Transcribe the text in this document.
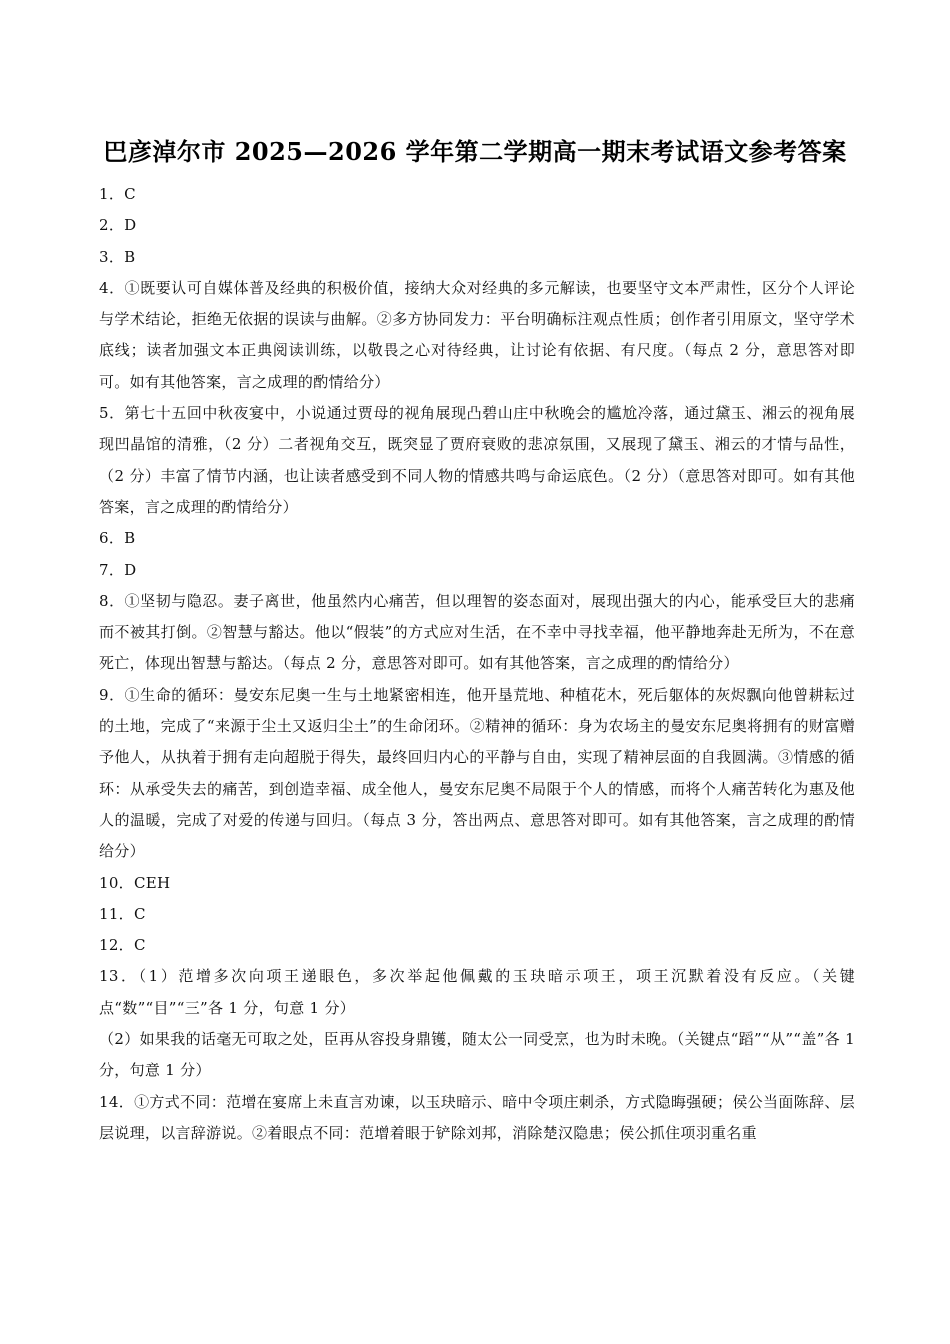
巴彦淖尔市 2025—2026 学年第二学期高一期末考试语文参考答案

1．C

2．D

3．B

4．①既要认可自媒体普及经典的积极价值，接纳大众对经典的多元解读，也要坚守文本严肃性，区分个人评论与学术结论，拒绝无依据的误读与曲解。②多方协同发力：平台明确标注观点性质；创作者引用原文，坚守学术底线；读者加强文本正典阅读训练，以敬畏之心对待经典，让讨论有依据、有尺度。（每点 2 分，意思答对即可。如有其他答案，言之成理的酌情给分）

5．第七十五回中秋夜宴中，小说通过贾母的视角展现凸碧山庄中秋晚会的尴尬冷落，通过黛玉、湘云的视角展现凹晶馆的清雅，（2 分）二者视角交互，既突显了贾府衰败的悲凉氛围，又展现了黛玉、湘云的才情与品性，（2 分）丰富了情节内涵，也让读者感受到不同人物的情感共鸣与命运底色。（2 分）（意思答对即可。如有其他答案，言之成理的酌情给分）

6．B

7．D

8．①坚韧与隐忍。妻子离世，他虽然内心痛苦，但以理智的姿态面对，展现出强大的内心，能承受巨大的悲痛而不被其打倒。②智慧与豁达。他以“假装”的方式应对生活，在不幸中寻找幸福，他平静地奔赴无所为，不在意死亡，体现出智慧与豁达。（每点 2 分，意思答对即可。如有其他答案，言之成理的酌情给分）

9．①生命的循环：曼安东尼奥一生与土地紧密相连，他开垦荒地、种植花木，死后躯体的灰烬飘向他曾耕耘过的土地，完成了“来源于尘土又返归尘土”的生命闭环。②精神的循环：身为农场主的曼安东尼奥将拥有的财富赠予他人，从执着于拥有走向超脱于得失，最终回归内心的平静与自由，实现了精神层面的自我圆满。③情感的循环：从承受失去的痛苦，到创造幸福、成全他人，曼安东尼奥不局限于个人的情感，而将个人痛苦转化为惠及他人的温暖，完成了对爱的传递与回归。（每点 3 分，答出两点、意思答对即可。如有其他答案，言之成理的酌情给分）

10．CEH

11．C

12．C

13．（1）范增多次向项王递眼色，多次举起他佩戴的玉玦暗示项王，项王沉默着没有反应。（关键点“数”“目”“三”各 1 分，句意 1 分）

（2）如果我的话毫无可取之处，臣再从容投身鼎镬，随太公一同受烹，也为时未晚。（关键点“蹈”“从”“盖”各 1 分，句意 1 分）

14．①方式不同：范增在宴席上未直言劝谏，以玉玦暗示、暗中令项庄刺杀，方式隐晦强硬；侯公当面陈辞、层层说理，以言辞游说。②着眼点不同：范增着眼于铲除刘邦，消除楚汉隐患；侯公抓住项羽重名重
